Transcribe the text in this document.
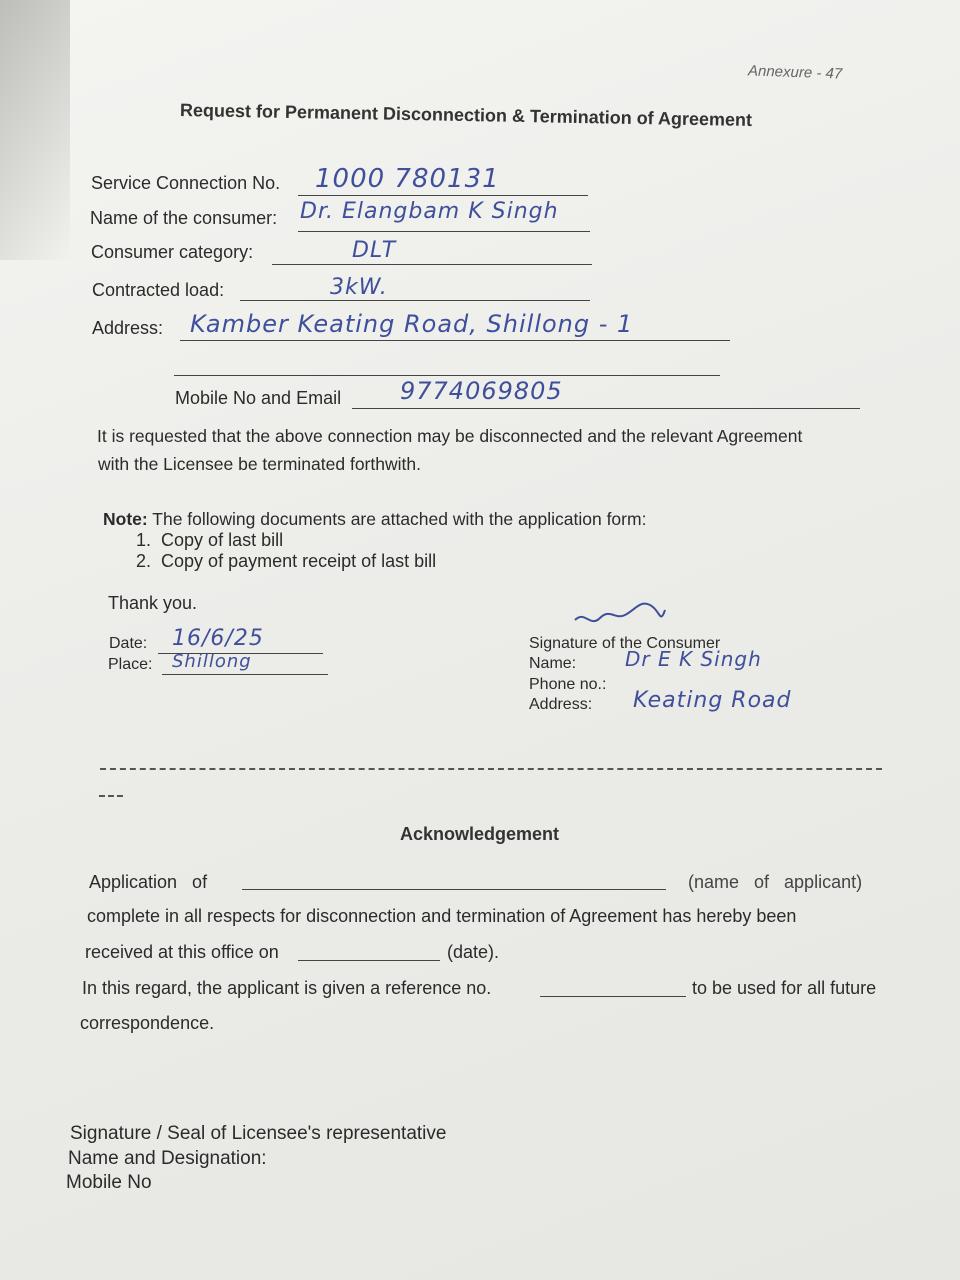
Annexure - 47
Request for Permanent Disconnection & Termination of Agreement
Service Connection No. 1000 780131
Name of the consumer: Dr. Elangbam K Singh
Consumer category:	DLT
Contracted load:	3kW.
Address: Kamber Keating Road, Shillong - 1
Mobile No and Email 9774069805
It is requested that the above connection may be disconnected and the relevant Agreement
with the Licensee be terminated forthwith.
Note: The following documents are attached with the application form:
1. Copy of last bill
2. Copy of payment receipt of last bill
Thank you.
Date: 16/6/25
Place: Shillong
Signature of the Consumer
Name: Dr E K Singh
Phone no.:
Address: Keating Road
Acknowledgement
Application   of	(name   of   applicant)
complete in all respects for disconnection and termination of Agreement has hereby been
received at this office on	(date).
In this regard, the applicant is given a reference no.	to be used for all future
correspondence.
Signature / Seal of Licensee's representative
Name and Designation:
Mobile No
